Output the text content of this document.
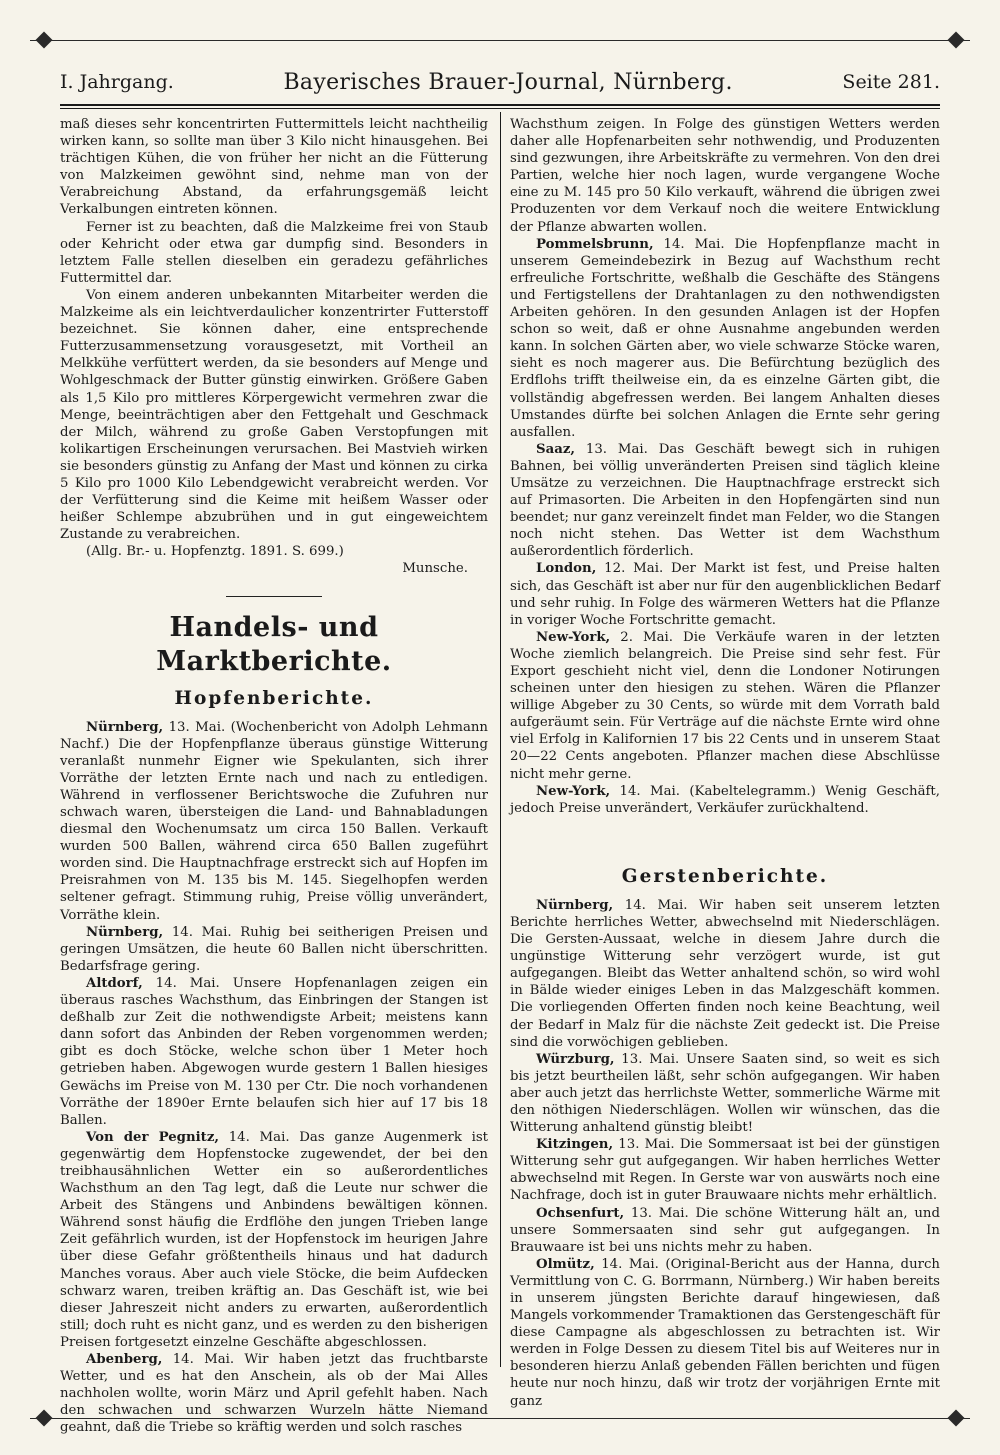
I. Jahrgang.	Bayerisches Brauer-Journal, Nürnberg.	Seite 281.

maß dieses sehr koncentrirten Futtermittels leicht nachtheilig wirken kann, so sollte man über 3 Kilo nicht hinausgehen. Bei trächtigen Kühen, die von früher her nicht an die Fütterung von Malzkeimen gewöhnt sind, nehme man von der Verabreichung Abstand, da erfahrungsgemäß leicht Verkalbungen eintreten können.

Ferner ist zu beachten, daß die Malzkeime frei von Staub oder Kehricht oder etwa gar dumpfig sind. Besonders in letztem Falle stellen dieselben ein geradezu gefährliches Futtermittel dar.

Von einem anderen unbekannten Mitarbeiter werden die Malzkeime als ein leichtverdaulicher konzentrirter Futterstoff bezeichnet. Sie können daher, eine entsprechende Futterzusammensetzung vorausgesetzt, mit Vortheil an Melkkühe verfüttert werden, da sie besonders auf Menge und Wohlgeschmack der Butter günstig einwirken. Größere Gaben als 1,5 Kilo pro mittleres Körpergewicht vermehren zwar die Menge, beeinträchtigen aber den Fettgehalt und Geschmack der Milch, während zu große Gaben Verstopfungen mit kolikartigen Erscheinungen verursachen. Bei Mastvieh wirken sie besonders günstig zu Anfang der Mast und können zu cirka 5 Kilo pro 1000 Kilo Lebendgewicht verabreicht werden. Vor der Verfütterung sind die Keime mit heißem Wasser oder heißer Schlempe abzubrühen und in gut eingeweichtem Zustande zu verabreichen.

(Allg. Br.- u. Hopfenztg. 1891. S. 699.)

Munsche.

Handels- und Marktberichte.
Hopfenberichte.

Nürnberg, 13. Mai. (Wochenbericht von Adolph Lehmann Nachf.) Die der Hopfenpflanze überaus günstige Witterung veranlaßt nunmehr Eigner wie Spekulanten, sich ihrer Vorräthe der letzten Ernte nach und nach zu entledigen. Während in verflossener Berichtswoche die Zufuhren nur schwach waren, übersteigen die Land- und Bahnabladungen diesmal den Wochenumsatz um circa 150 Ballen. Verkauft wurden 500 Ballen, während circa 650 Ballen zugeführt worden sind. Die Hauptnachfrage erstreckt sich auf Hopfen im Preisrahmen von M. 135 bis M. 145. Siegelhopfen werden seltener gefragt. Stimmung ruhig, Preise völlig unverändert, Vorräthe klein.

Nürnberg, 14. Mai. Ruhig bei seitherigen Preisen und geringen Umsätzen, die heute 60 Ballen nicht überschritten. Bedarfsfrage gering.

Altdorf, 14. Mai. Unsere Hopfenanlagen zeigen ein überaus rasches Wachsthum, das Einbringen der Stangen ist deßhalb zur Zeit die nothwendigste Arbeit; meistens kann dann sofort das Anbinden der Reben vorgenommen werden; gibt es doch Stöcke, welche schon über 1 Meter hoch getrieben haben. Abgewogen wurde gestern 1 Ballen hiesiges Gewächs im Preise von M. 130 per Ctr. Die noch vorhandenen Vorräthe der 1890er Ernte belaufen sich hier auf 17 bis 18 Ballen.

Von der Pegnitz, 14. Mai. Das ganze Augenmerk ist gegenwärtig dem Hopfenstocke zugewendet, der bei den treibhausähnlichen Wetter ein so außerordentliches Wachsthum an den Tag legt, daß die Leute nur schwer die Arbeit des Stängens und Anbindens bewältigen können. Während sonst häufig die Erdflöhe den jungen Trieben lange Zeit gefährlich wurden, ist der Hopfenstock im heurigen Jahre über diese Gefahr größtentheils hinaus und hat dadurch Manches voraus. Aber auch viele Stöcke, die beim Aufdecken schwarz waren, treiben kräftig an. Das Geschäft ist, wie bei dieser Jahreszeit nicht anders zu erwarten, außerordentlich still; doch ruht es nicht ganz, und es werden zu den bisherigen Preisen fortgesetzt einzelne Geschäfte abgeschlossen.

Abenberg, 14. Mai. Wir haben jetzt das fruchtbarste Wetter, und es hat den Anschein, als ob der Mai Alles nachholen wollte, worin März und April gefehlt haben. Nach den schwachen und schwarzen Wurzeln hätte Niemand geahnt, daß die Triebe so kräftig werden und solch rasches

Wachsthum zeigen. In Folge des günstigen Wetters werden daher alle Hopfenarbeiten sehr nothwendig, und Produzenten sind gezwungen, ihre Arbeitskräfte zu vermehren. Von den drei Partien, welche hier noch lagen, wurde vergangene Woche eine zu M. 145 pro 50 Kilo verkauft, während die übrigen zwei Produzenten vor dem Verkauf noch die weitere Entwicklung der Pflanze abwarten wollen.

Pommelsbrunn, 14. Mai. Die Hopfenpflanze macht in unserem Gemeindebezirk in Bezug auf Wachsthum recht erfreuliche Fortschritte, weßhalb die Geschäfte des Stängens und Fertigstellens der Drahtanlagen zu den nothwendigsten Arbeiten gehören. In den gesunden Anlagen ist der Hopfen schon so weit, daß er ohne Ausnahme angebunden werden kann. In solchen Gärten aber, wo viele schwarze Stöcke waren, sieht es noch magerer aus. Die Befürchtung bezüglich des Erdflohs trifft theilweise ein, da es einzelne Gärten gibt, die vollständig abgefressen werden. Bei langem Anhalten dieses Umstandes dürfte bei solchen Anlagen die Ernte sehr gering ausfallen.

Saaz, 13. Mai. Das Geschäft bewegt sich in ruhigen Bahnen, bei völlig unveränderten Preisen sind täglich kleine Umsätze zu verzeichnen. Die Hauptnachfrage erstreckt sich auf Primasorten. Die Arbeiten in den Hopfengärten sind nun beendet; nur ganz vereinzelt findet man Felder, wo die Stangen noch nicht stehen. Das Wetter ist dem Wachsthum außerordentlich förderlich.

London, 12. Mai. Der Markt ist fest, und Preise halten sich, das Geschäft ist aber nur für den augenblicklichen Bedarf und sehr ruhig. In Folge des wärmeren Wetters hat die Pflanze in voriger Woche Fortschritte gemacht.

New-York, 2. Mai. Die Verkäufe waren in der letzten Woche ziemlich belangreich. Die Preise sind sehr fest. Für Export geschieht nicht viel, denn die Londoner Notirungen scheinen unter den hiesigen zu stehen. Wären die Pflanzer willige Abgeber zu 30 Cents, so würde mit dem Vorrath bald aufgeräumt sein. Für Verträge auf die nächste Ernte wird ohne viel Erfolg in Kalifornien 17 bis 22 Cents und in unserem Staat 20—22 Cents angeboten. Pflanzer machen diese Abschlüsse nicht mehr gerne.

New-York, 14. Mai. (Kabeltelegramm.) Wenig Geschäft, jedoch Preise unverändert, Verkäufer zurückhaltend.

Gerstenberichte.

Nürnberg, 14. Mai. Wir haben seit unserem letzten Berichte herrliches Wetter, abwechselnd mit Niederschlägen. Die Gersten-Aussaat, welche in diesem Jahre durch die ungünstige Witterung sehr verzögert wurde, ist gut aufgegangen. Bleibt das Wetter anhaltend schön, so wird wohl in Bälde wieder einiges Leben in das Malzgeschäft kommen. Die vorliegenden Offerten finden noch keine Beachtung, weil der Bedarf in Malz für die nächste Zeit gedeckt ist. Die Preise sind die vorwöchigen geblieben.

Würzburg, 13. Mai. Unsere Saaten sind, so weit es sich bis jetzt beurtheilen läßt, sehr schön aufgegangen. Wir haben aber auch jetzt das herrlichste Wetter, sommerliche Wärme mit den nöthigen Niederschlägen. Wollen wir wünschen, das die Witterung anhaltend günstig bleibt!

Kitzingen, 13. Mai. Die Sommersaat ist bei der günstigen Witterung sehr gut aufgegangen. Wir haben herrliches Wetter abwechselnd mit Regen. In Gerste war von auswärts noch eine Nachfrage, doch ist in guter Brauwaare nichts mehr erhältlich.

Ochsenfurt, 13. Mai. Die schöne Witterung hält an, und unsere Sommersaaten sind sehr gut aufgegangen. In Brauwaare ist bei uns nichts mehr zu haben.

Olmütz, 14. Mai. (Original-Bericht aus der Hanna, durch Vermittlung von C. G. Borrmann, Nürnberg.) Wir haben bereits in unserem jüngsten Berichte darauf hingewiesen, daß Mangels vorkommender Tramaktionen das Gerstengeschäft für diese Campagne als abgeschlossen zu betrachten ist. Wir werden in Folge Dessen zu diesem Titel bis auf Weiteres nur in besonderen hierzu Anlaß gebenden Fällen berichten und fügen heute nur noch hinzu, daß wir trotz der vorjährigen Ernte mit ganz
